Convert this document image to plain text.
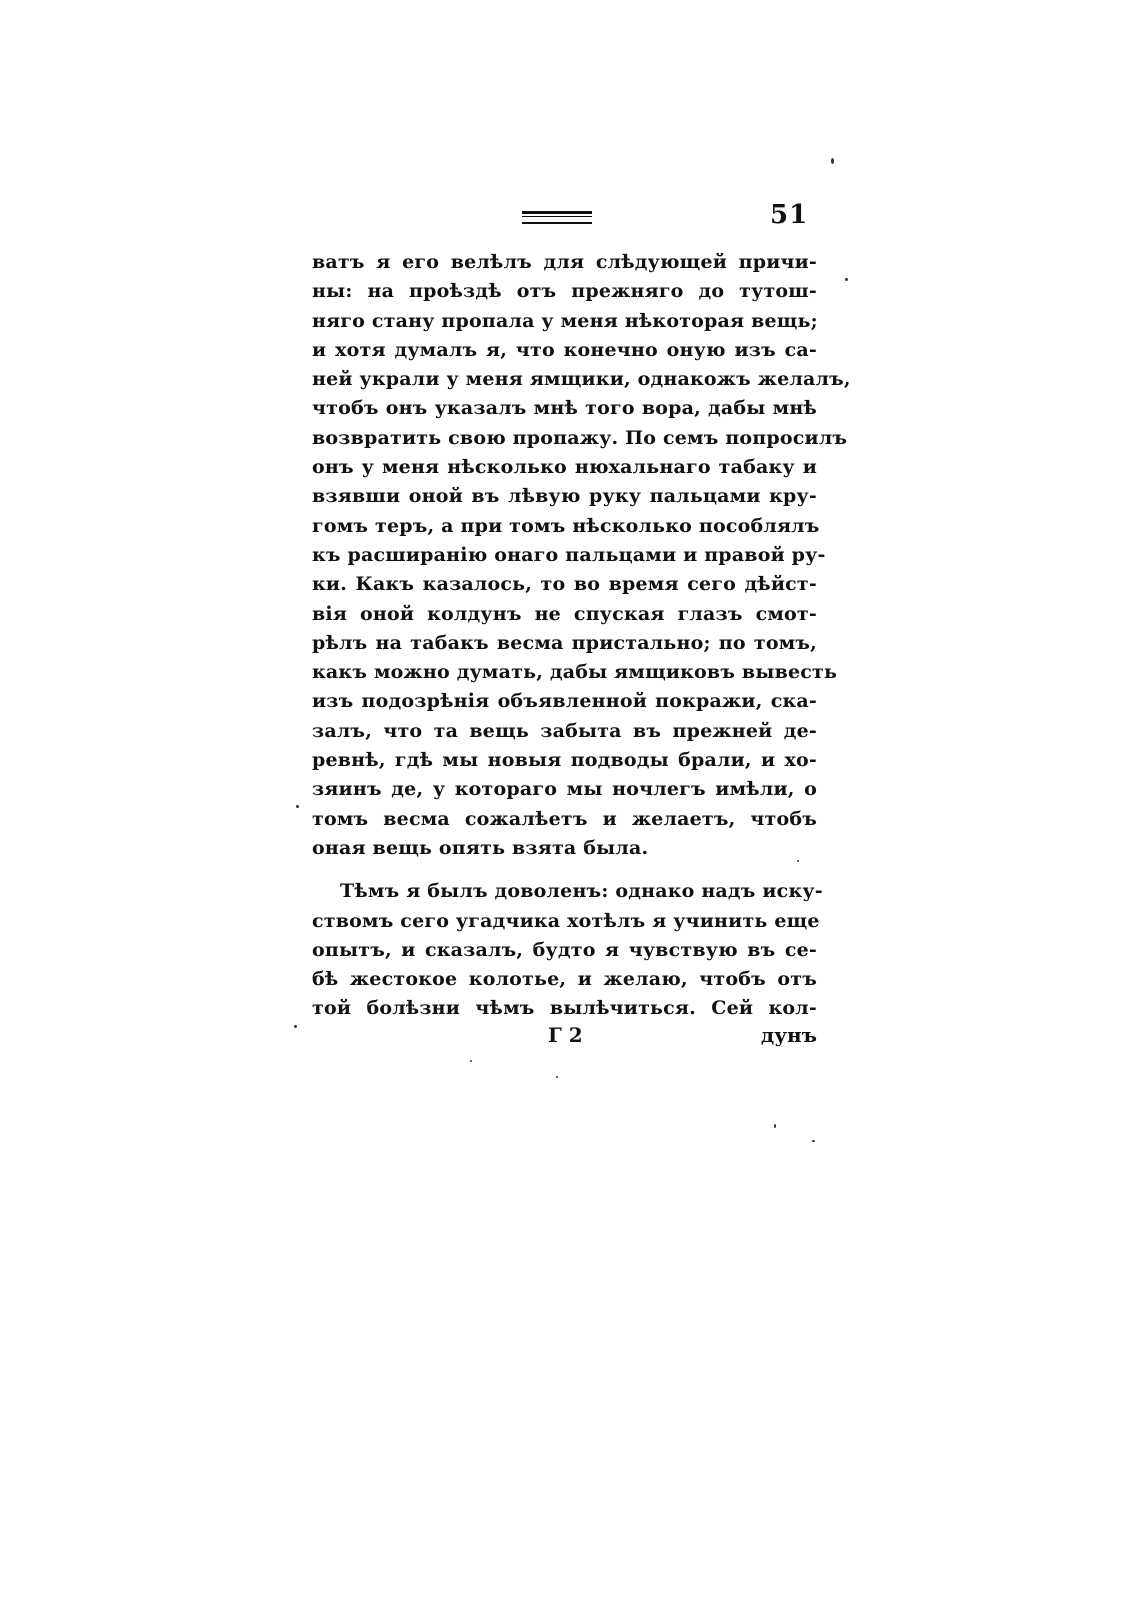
51
ватъ я его велѣлъ для слѣдующей причи-
ны: на проѣздѣ отъ прежняго до тутош-
няго стану пропала у меня нѣкоторая вещь;
и хотя думалъ я, что конечно оную изъ са-
ней украли у меня ямщики, однакожъ желалъ,
чтобъ онъ указалъ мнѣ того вора, дабы мнѣ
возвратить свою пропажу. По семъ попросилъ
онъ у меня нѣсколько нюхальнаго табаку и
взявши оной въ лѣвую руку пальцами кру-
гомъ теръ, а при томъ нѣсколько пособлялъ
къ расширанію онаго пальцами и правой ру-
ки. Какъ казалось, то во время сего дѣйст-
вія оной колдунъ не спуская глазъ смот-
рѣлъ на табакъ весма пристально; по томъ,
какъ можно думать, дабы ямщиковъ вывесть
изъ подозрѣнія объявленной покражи, ска-
залъ, что та вещь забыта въ прежней де-
ревнѣ, гдѣ мы новыя подводы брали, и хо-
зяинъ де, у котораго мы ночлегъ имѣли, о
томъ весма сожалѣетъ и желаетъ, чтобъ
оная вещь опять взята была.
Тѣмъ я былъ доволенъ: однако надъ иску-
ствомъ сего угадчика хотѣлъ я учинить еще
опытъ, и сказалъ, будто я чувствую въ се-
бѣ жестокое колотье, и желаю, чтобъ отъ
той болѣзни чѣмъ вылѣчиться. Сей кол-
Г 2	дунъ
